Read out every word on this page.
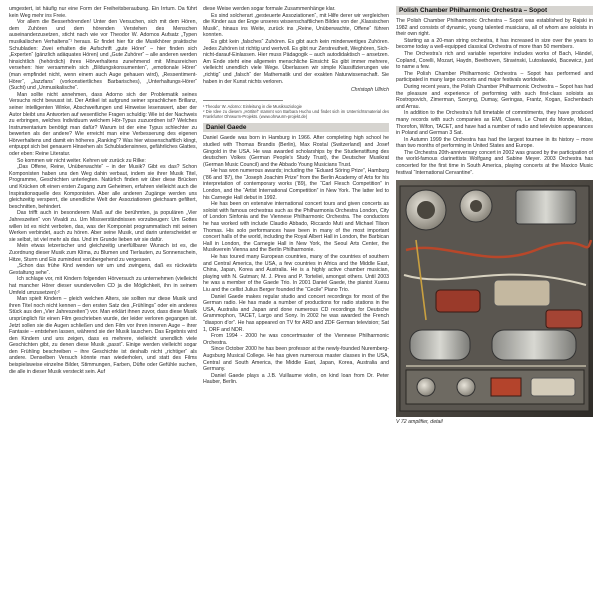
umgestert, ist häufig nur eine Form der Freiheitsberaubung. Ein Irrtum. Da führt kein Weg mehr ins Freie.

Vor allem die Besserhörenden! Unter den Versuchen, sich mit dem Hören, dem Zuhören und dem hörenden Verstehen des Menschen auseinanderzusetzen, sticht nach wie vor Theodor W. Adornos Aufsatz „Typen musikalischen Verhaltens“¹ heraus. Er findet hier für die Musikhörer praktische Schubladen: Zwei erhalten die Aufschrift „gute Hörer“ – hier finden sich „Experten“ (gänzlich adäquates Hören) und „Gute Zuhörer“ – alle anderen werden hinsichtlich (hehördich) ihres Hörverhaltens zunehmend mit Minusreichen versehen: hier versammeln sich „Bildungskonsumenten“, „emotionale Hörer“ (man empfindet nicht, wenn einem auch Auge gehauen wird), „Ressentiment-Hörer“, „Jazzfans“ (vorkonstiertliches Barbarisches), „Unterhaltungs-Hörer“ (Sucht) und „Unmusikalische“.

Man sollte nicht annehmen, dass Adorno sich der Problematik seines Versuchs nicht bewusst ist. Der Artikel ist aufgrund seiner sprachlichen Brillanz, seiner intelligenten Winke, Abschweifungen und Hinweise lesenswert, aber der Autor bleibt uns Antworten auf wesentliche Fragen schuldig: Wie ist der Nachweis zu erbringen, welches Individuum welchem Hör-Typus zuzuordnen ist? Welches Instrumentarium benötigt man dafür? Warum ist der eine Typus schlechter zu bewerten als der andere? Wie erreicht man eine Verbesserung des eigenen Hörverhaltens und damit ein höheres „Ranking“? Was hier wissenschaftlich klingt, entpuppt sich bei genauem Hinsehen als Schubladensinnes, gefährliches Glattes, oder eben: Reine Literatur.

So kommen wir nicht weiter. Kehren wir zurück zu Rilke:

„Das Offene, Reine, Unüberwachte“ – in der Musik? Gibt es das? Schon Komponisten haben uns den Weg dahin verbaut, indem sie ihrer Musik Titel, Programme, Geschichten unterlegten. Natürlich finden wir über diese Brücken und Krücken oft einen ersten Zugang zum Geheimen, erfahren vielleicht auch die Inspirationsquelle des Komponisten. Aber alle anderen Zugänge werden uns gleichzeitig versperrt, die unendliche Welt der Assoziationen gleichsam gefiltert, beschnitten, behindert.

Das trifft auch in besonderem Maß auf die berühmten, ja populären „Vier Jahreszeiten“ von Vivaldi zu. Um Missverständnissen vorzubeugen: Um Gottes willen ist es nicht verboten, das, was der Komponist programmatisch mit seinen Werken verbindet, auch zu hören. Aber seine Musik, und darin unterscheidet er sie selbst, ist viel mehr als das. Und im Grunde lieben wir sie dafür.

Mein etwas letzerischer und gleichzeitig unerfüllbarer Wunsch ist es, die Zuordnung dieser Musik zum Klima, zu Blumen und Tierlauten, zu Sonnenschein, Hitze, Sturm und Eis zumindest vorübergehend zu vergessen.

„Schon das frühe Kind wenden wir um und zwingens, daß es rückwärts Gestaltung sehe“.

Ich schlage vor, mit Kindern folgenden Hörversuch zu unternehmen (vielleicht hat mancher Hörer dieser wundervollen CD ja die Möglichkeit, ihn in seinem Umfeld umzusetzen):²

Man spielt Kindern – gleich welchen Alters, sie sollten nur diese Musik und ihren Titel noch nicht kennen – den ersten Satz des „Frühlings“ oder ein anderes Stück aus den „Vier Jahreszeiten“) vor. Man erklärt ihnen zuvor, dass diese Musik ursprünglich für einen Film geschrieben wurde, der leider verloren gegangen ist. Jetzt sollen sie die Augen schließen und den Film vor ihren inneren Auge – ihrer Fantasie – entstehen lassen, während sie der Musik lauschen. Das Ergebnis wird den Kindern und uns zeigen, dass es mehrere, vielleicht unendlich viele Geschichten gibt, zu denen diese Musik „passt“. Einige werden vielleicht sogar den Frühling beschreiben – ihre Geschichte ist deshalb nicht „richtiger“ als andere. Denselben Versuch könnte man wiederholen, und statt des Films beispielsweise einzelne Bilder, Stimmungen, Farben, Düfte oder Gefühle suchen, die alle in dieser Musik versteckt sein. Auf

diese Weise werden sogar formale Zusammenhänge klar.

Es sind solcherart „gesteuerte Assoziationen“, mit Hilfe derer wir vergleichen die Kinder aus der Enge unseres wissenschaftlichen Bildes von der „Klassischen Musik“, hinaus ins Weite, zurück ins „Reine, Unüberwachte, Offene“ führen konnten.

Es gibt kein „falsches“ Zuhören. Es gibt auch kein minderwertiges Zuhören. Jedes Zuhören ist richtig und wertvoll. Es gibt nur Zerstreutheit, Weghören, Sich-nicht-darauf-Einlassen. Hier muss Pädagogik – auch autodidaktisch – ansetzen. Am Ende steht eine allgemein menschliche Einsicht: Es gibt immer mehrere, vielleicht unendlich viele Wege. Überlassen wir simple Klassifizierungen wie „richtig“ und „falsch“ der Mathematik und der exakten Naturwissenschaft. Sie haben in der Kunst nichts verloren.

Christoph Ullrich

¹ Theodor W. Adorno: Einleitung in die Musiksoziologie

² Die Idee zu diesem „Hörtitel“ stammt von Barbara Hucho und findet sich im Unterrichtsmaterial des Frankfurter Ohrwurm-Projekts. (www.ohrwurm-projekt.de)

Daniel Gaede

Daniel Gaede was born in Hamburg in 1966. After completing high school he studied with Thomas Brandis (Berlin), Max Rostal (Switzerland) and Josef Gingold in the USA. He was awarded scholarships by the Studienstiftung des deutschen Volkes (German People’s Study Trust), the Deutscher Musikrat (German Music Council) and the Abbado Young Musicians Trust.

He has won numerous awards; including the “Eduard Söring Prize”, Hamburg (’86 and ’87), the “Joseph Joachim Prize” from the Berlin Academy of Arts for his interpretation of contemporary works (’89), the “Carl Flesch Competition” in London, and the “Artist International Competition” in New York. The latter led to his Carnegie Hall debut in 1992.

He has been on extensive international concert tours and given concerts as soloist with famous orchestras such as the Philharmonia Orchestra London, City of London Sinfonia and the Viennese Philharmonic Orchestra. The conductors he has worked with include Claudio Abbado, Riccardo Muti and Michael Tilson Thomas. His solo performances have been in many of the most important concert halls of the world, including the Royal Albert Hall in London, the Barbican Hall in London, the Carnegie Hall in New York, the Seoul Arts Center, the Musikverein Vienna and the Berlin Philharmonie.

He has toured many European countries, many of the countries of southern and Central America, the USA, a few countries in Africa and the Middle East, China, Japan, Korea and Australia. He is a highly active chamber musician, playing with N. Gutman; M. J. Pires and P. Torteliei, amongst others. Until 2003 he was a member of the Gaede Trio. In 2001 Daniel Gaede, the pianist Xuesu Liu and the cellist Julius Berger founded the “Cecile” Piano Trio.

Daniel Gaede makes regular studio and concert recordings for most of the German radio. He has made a number of productions for radio stations in the USA, Australia and Japan and done numerous CD recordings for Deutsche Grammophon, TACET, Largo and Sony. In 2002 he was awarded the French “diaspon d’or”. He has appeared on TV for ARD and ZDF German television; Sat 1, ORF and NDR.

From 1994 - 2000 he was concertmaster of the Viennese Philharmonic Orchestra.

Since October 2000 he has been professor at the newly-founded Nuremberg-Augsburg Musical College. He has given numerous master classes in the USA, Central and South America, the Middle East, Japan, Korea, Australia and Germany.

Daniel Gaede plays a J.B. Vuillaume violin, on kind loan from Dr. Peter Hauber, Berlin.

Polish Chamber Philharmonic Orchestra – Sopot

The Polish Chamber Philharmonic Orchestra – Sopot was established by Rajski in 1982 and consists of dynamic, young talented musicians, all of whom are soloists in their own right.

Starting as a 20-man string orchestra, it has increased in size over the years to become today a well-equipped classical Orchestra of more than 50 members.

The Orchestra’s rich and variable repertoire includes works of Bach, Händel, Copland, Corelli, Mozart, Haydn, Beethoven, Stravinski, Lutosławski, Bacewicz, just to name a few.

The Polish Chamber Philharmonic Orchestra – Sopot has performed and participated in many large concerts and major festivals worldwide.

During recent years, the Polish Chamber Philharmonic Orchestra – Sopot has had the pleasure and experience of performing with such first-class soloists as Rostropovich, Zimerman, Szeryng, Dumay, Geringas, Frantz, Kogan, Eschenbach and Arrau.

In addition to the Orchestra’s full timetable of commitments, they have produced many records with such companies as EMI, Claves, Le Chant du Monde, Midas, Thorofon, Wifon, TACET, and have had a number of radio and television appearances in Poland and German 3 Sat.

In Autumn 1999 the Orchestra has had the largest tournee in its history – more than two months of performing in United States and Europe.

The Orchestra 20th-anniversary concert in 2002 was graced by the participation of the world-famous clarinettists Wolfgang and Sabine Meyer. 2003 Orchestra has concerted for the first time in South America, playing concerts at the Maxico Music festival “International Cervantine”.

V 72 amplifier, detail
